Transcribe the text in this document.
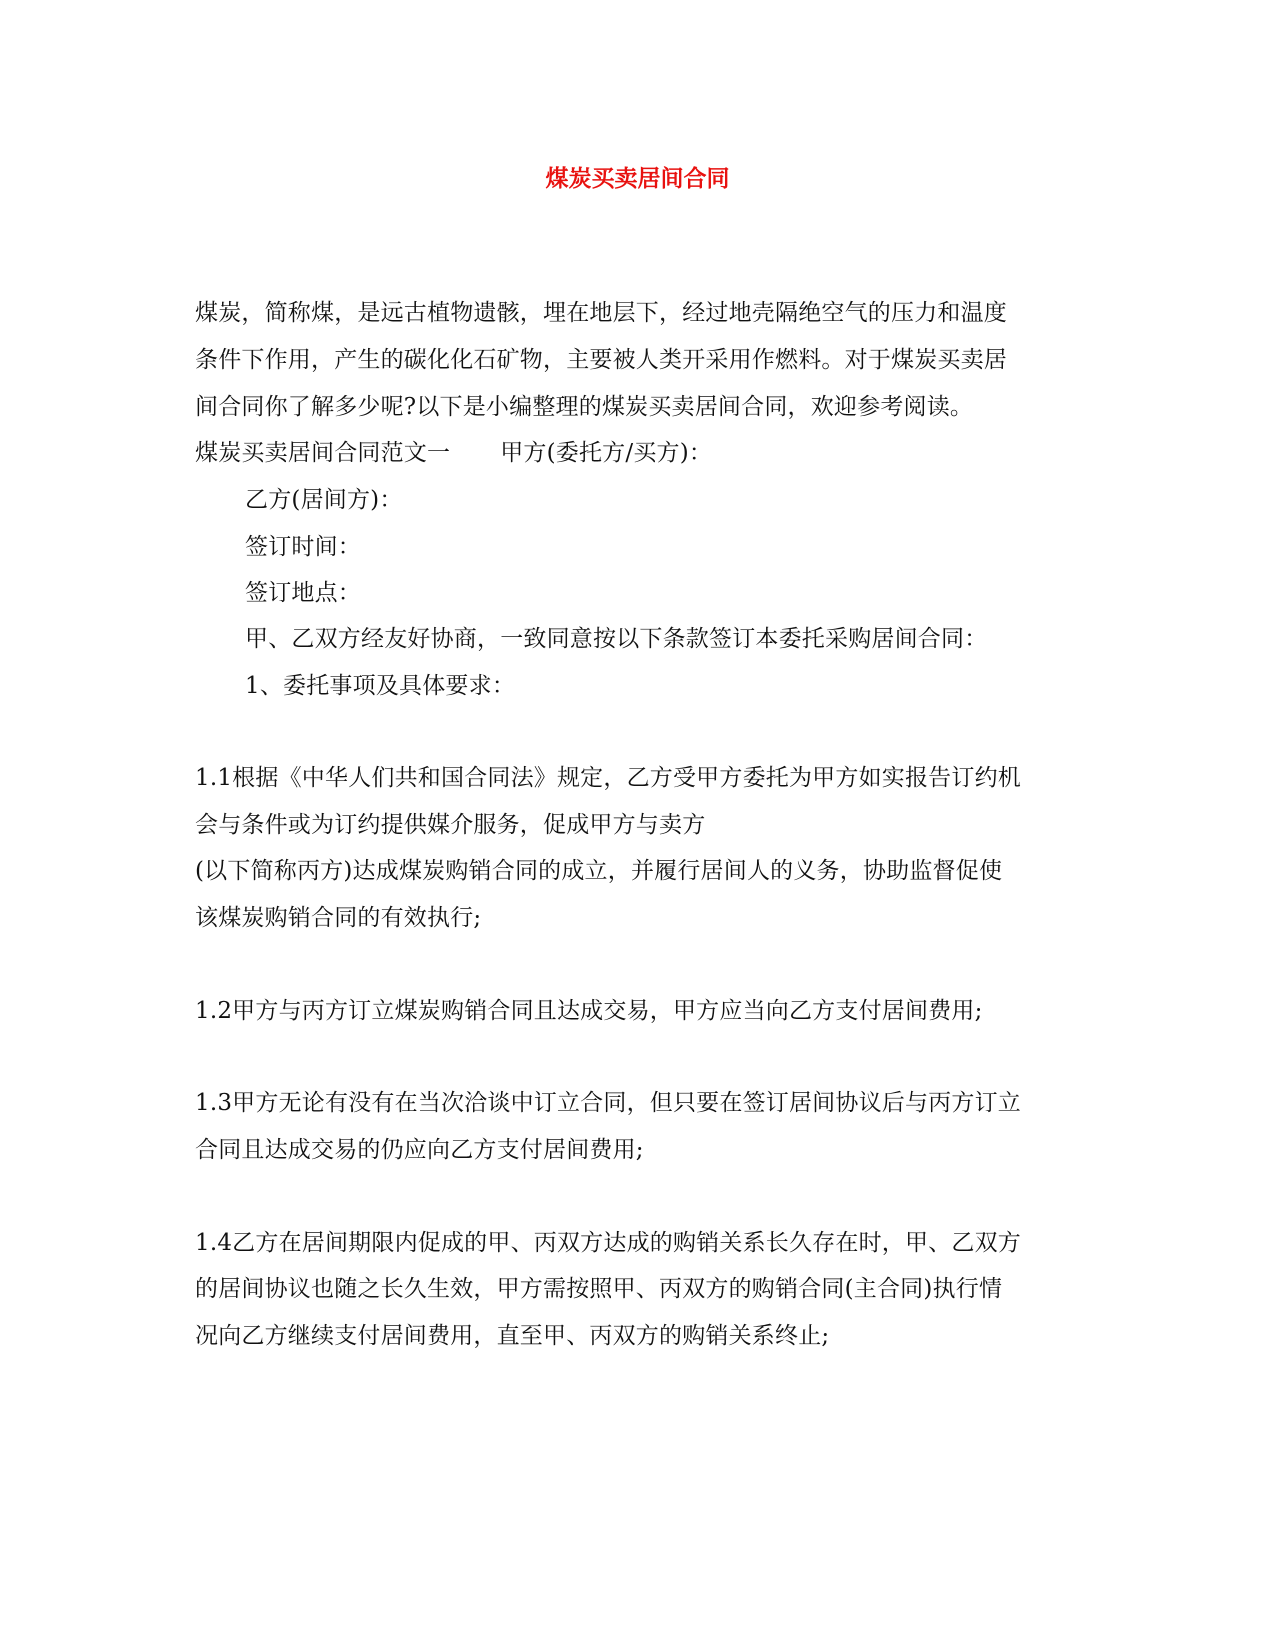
煤炭买卖居间合同
煤炭，简称煤，是远古植物遗骸，埋在地层下，经过地壳隔绝空气的压力和温度
条件下作用，产生的碳化化石矿物，主要被人类开采用作燃料。对于煤炭买卖居
间合同你了解多少呢?以下是小编整理的煤炭买卖居间合同，欢迎参考阅读。
煤炭买卖居间合同范文一 甲方(委托方/买方)：
乙方(居间方)：
签订时间：
签订地点：
甲、乙双方经友好协商，一致同意按以下条款签订本委托采购居间合同：
1、委托事项及具体要求：
1.1根据《中华人们共和国合同法》规定，乙方受甲方委托为甲方如实报告订约机
会与条件或为订约提供媒介服务，促成甲方与卖方
(以下简称丙方)达成煤炭购销合同的成立，并履行居间人的义务，协助监督促使
该煤炭购销合同的有效执行;
1.2甲方与丙方订立煤炭购销合同且达成交易，甲方应当向乙方支付居间费用;
1.3甲方无论有没有在当次洽谈中订立合同，但只要在签订居间协议后与丙方订立
合同且达成交易的仍应向乙方支付居间费用;
1.4乙方在居间期限内促成的甲、丙双方达成的购销关系长久存在时，甲、乙双方
的居间协议也随之长久生效，甲方需按照甲、丙双方的购销合同(主合同)执行情
况向乙方继续支付居间费用，直至甲、丙双方的购销关系终止;
